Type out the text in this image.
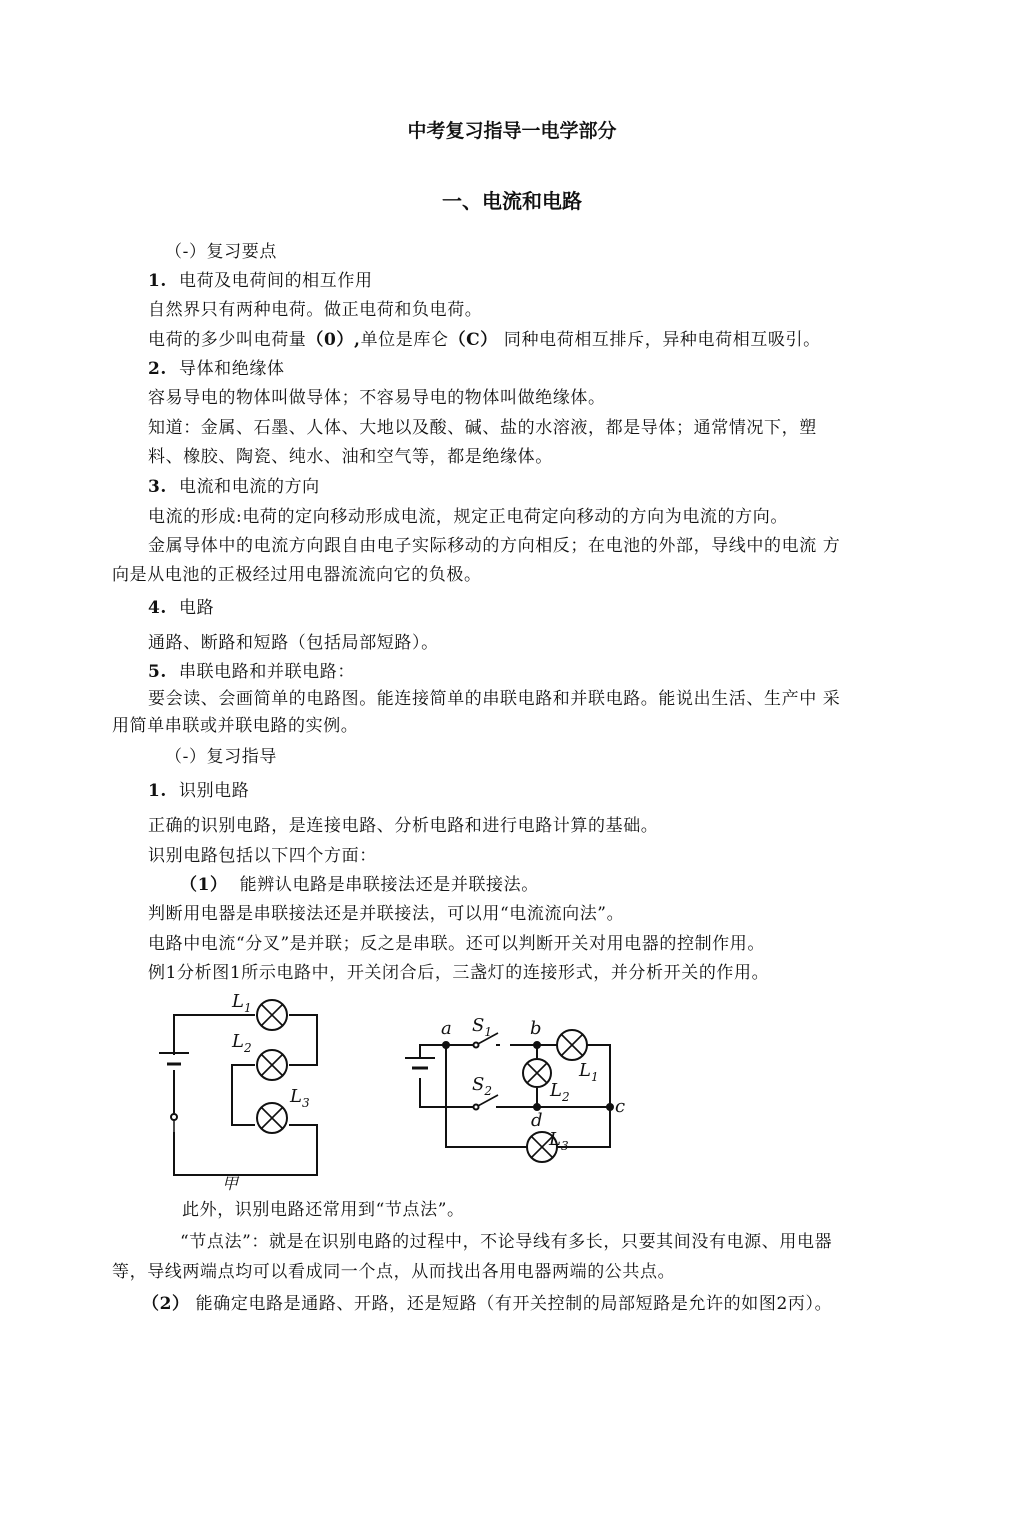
中考复习指导一电学部分
一、电流和电路
（-）复习要点
1. 电荷及电荷间的相互作用
自然界只有两种电荷。做正电荷和负电荷。
电荷的多少叫电荷量（0）,单位是库仑（C） 同种电荷相互排斥，异种电荷相互吸引。
2. 导体和绝缘体
容易导电的物体叫做导体；不容易导电的物体叫做绝缘体。
知道：金属、石墨、人体、大地以及酸、碱、盐的水溶液，都是导体；通常情况下，塑
料、橡胶、陶瓷、纯水、油和空气等，都是绝缘体。
3. 电流和电流的方向
电流的形成:电荷的定向移动形成电流，规定正电荷定向移动的方向为电流的方向。
金属导体中的电流方向跟自由电子实际移动的方向相反；在电池的外部，导线中的电流 方
向是从电池的正极经过用电器流流向它的负极。
4. 电路
通路、断路和短路（包括局部短路）。
5. 串联电路和并联电路：
要会读、会画简单的电路图。能连接简单的串联电路和并联电路。能说出生活、生产中 采
用简单串联或并联电路的实例。
（-）复习指导
1. 识别电路
正确的识别电路，是连接电路、分析电路和进行电路计算的基础。
识别电路包括以下四个方面：
（1） 能辨认电路是串联接法还是并联接法。
判断用电器是串联接法还是并联接法，可以用“电流流向法”。
电路中电流“分叉”是并联；反之是串联。还可以判断开关对用电器的控制作用。
例1分析图1所示电路中，开关闭合后，三盏灯的连接形式，并分析开关的作用。
$L_1$
$L_2$
$L_3$
a $S_1$ b
$L_1$
$S_2$	$L_2$	c
d
$L_3$
甲
此外，识别电路还常用到“节点法”。
“节点法”：就是在识别电路的过程中，不论导线有多长，只要其间没有电源、用电器
等，导线两端点均可以看成同一个点，从而找出各用电器两端的公共点。
（2） 能确定电路是通路、开路，还是短路（有开关控制的局部短路是允许的如图2丙）。
